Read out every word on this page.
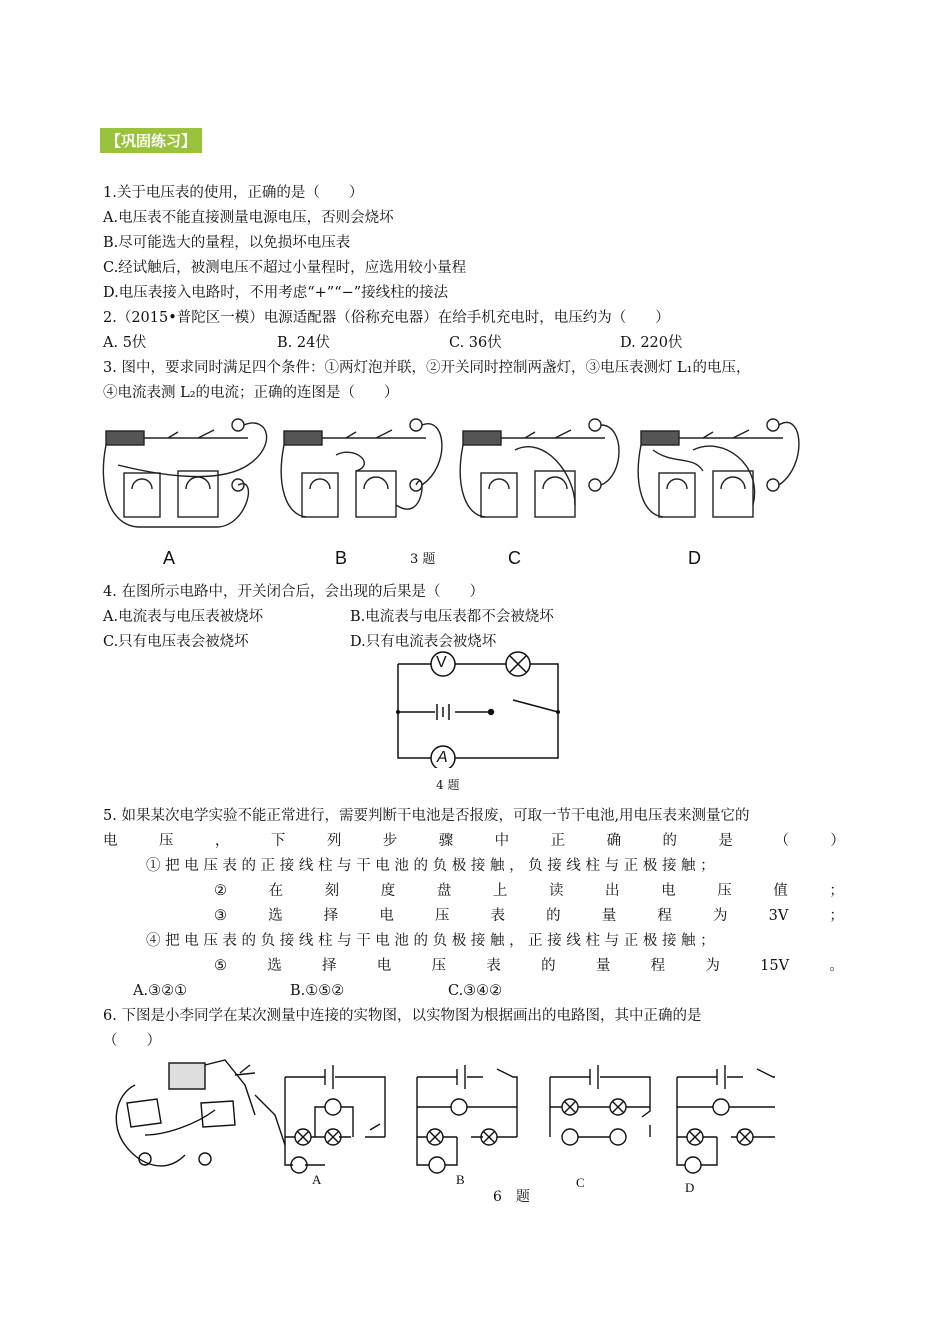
【巩固练习】
1.关于电压表的使用，正确的是（　　）
A.电压表不能直接测量电源电压，否则会烧坏
B.尽可能选大的量程，以免损坏电压表
C.经试触后，被测电压不超过小量程时，应选用较小量程
D.电压表接入电路时，不用考虑“+”“−”接线柱的接法
2.（2015•普陀区一模）电源适配器（俗称充电器）在给手机充电时，电压约为（　　）
A. 5伏	B. 24伏	C. 36伏	D. 220伏
3. 图中，要求同时满足四个条件：①两灯泡并联，②开关同时控制两盏灯，③电压表测灯 L₁的电压，
④电流表测 L₂的电流；正确的连图是（　　）
A	B	3 题	C	D
4. 在图所示电路中，开关闭合后，会出现的后果是（　　）
A.电流表与电压表被烧坏	B.电流表与电压表都不会被烧坏
C.只有电压表会被烧坏	D.只有电流表会被烧坏
V
A
4 题
5. 如果某次电学实验不能正常进行，需要判断干电池是否报废，可取一节干电池,用电压表来测量它的
电	压	，	下	列	步	骤	中	正	确	的	是	（	）
① 把 电 压 表 的 正 接 线 柱 与 干 电 池 的 负 极 接 触 ， 负 接 线 柱 与 正 极 接 触 ；
②	在	刻	度	盘	上	读	出	电	压	值	；
③	选	择	电	压	表	的	量	程	为	3V	；
④ 把 电 压 表 的 负 接 线 柱 与 干 电 池 的 负 极 接 触 ， 正 接 线 柱 与 正 极 接 触 ；
⑤	选	择	电	压	表	的	量	程	为	15V	。
A.③②①	B.①⑤②	C.③④②
6. 下图是小李同学在某次测量中连接的实物图，以实物图为根据画出的电路图，其中正确的是
（　　）
A	B	C	D
6　题
